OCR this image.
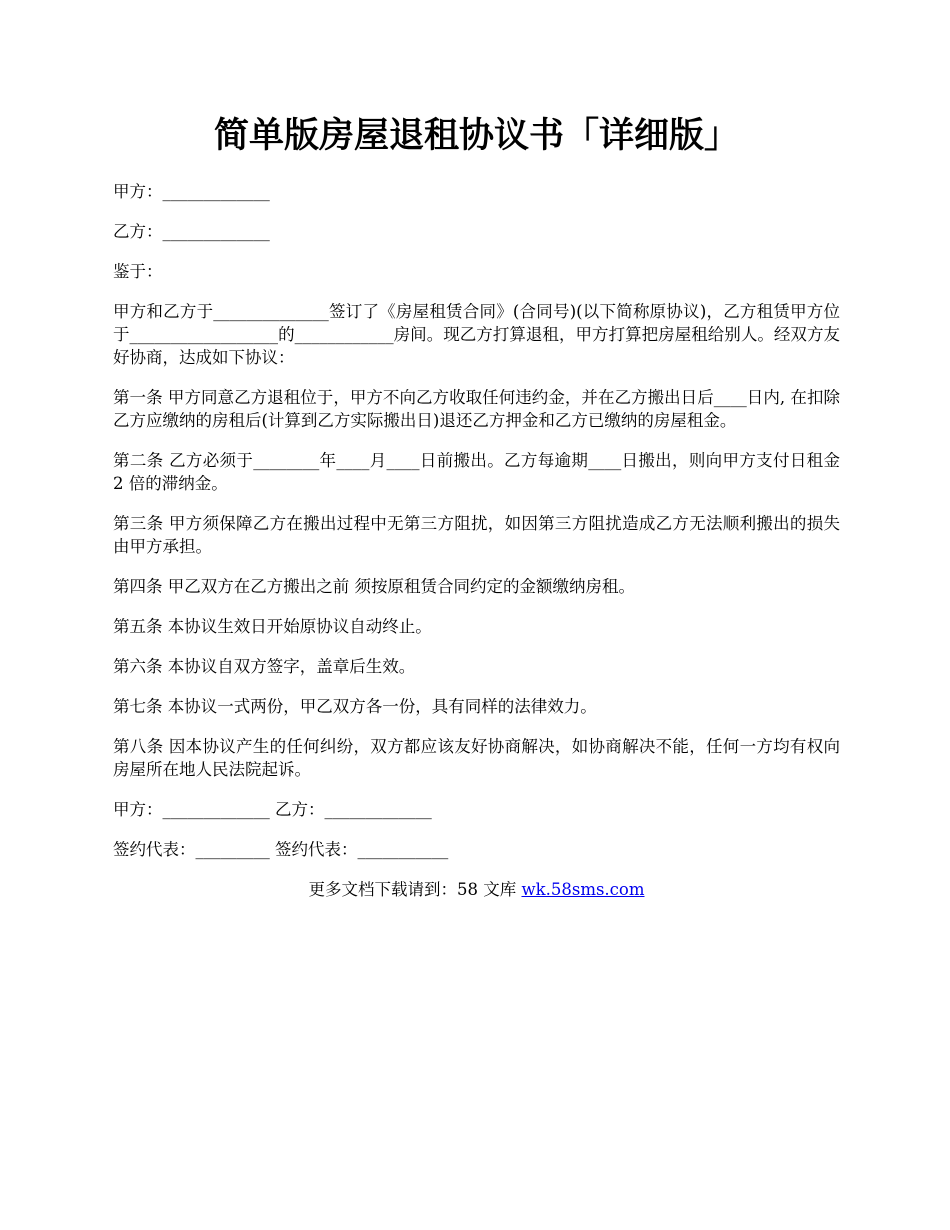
简单版房屋退租协议书「详细版」

甲方：_____________

乙方：_____________

鉴于：

甲方和乙方于______________签订了《房屋租赁合同》(合同号)(以下简称原协议)，乙方租赁甲方位于__________________的____________房间。现乙方打算退租，甲方打算把房屋租给别人。经双方友好协商，达成如下协议：

第一条 甲方同意乙方退租位于，甲方不向乙方收取任何违约金，并在乙方搬出日后____日内, 在扣除乙方应缴纳的房租后(计算到乙方实际搬出日)退还乙方押金和乙方已缴纳的房屋租金。

第二条 乙方必须于________年____月____日前搬出。乙方每逾期____日搬出，则向甲方支付日租金 2 倍的滞纳金。

第三条 甲方须保障乙方在搬出过程中无第三方阻扰，如因第三方阻扰造成乙方无法顺利搬出的损失由甲方承担。

第四条 甲乙双方在乙方搬出之前 须按原租赁合同约定的金额缴纳房租。

第五条 本协议生效日开始原协议自动终止。

第六条 本协议自双方签字，盖章后生效。

第七条 本协议一式两份，甲乙双方各一份，具有同样的法律效力。

第八条 因本协议产生的任何纠纷，双方都应该友好协商解决，如协商解决不能，任何一方均有权向房屋所在地人民法院起诉。

甲方：_____________ 乙方：_____________

签约代表：_________ 签约代表：___________

更多文档下载请到：58 文库 wk.58sms.com
